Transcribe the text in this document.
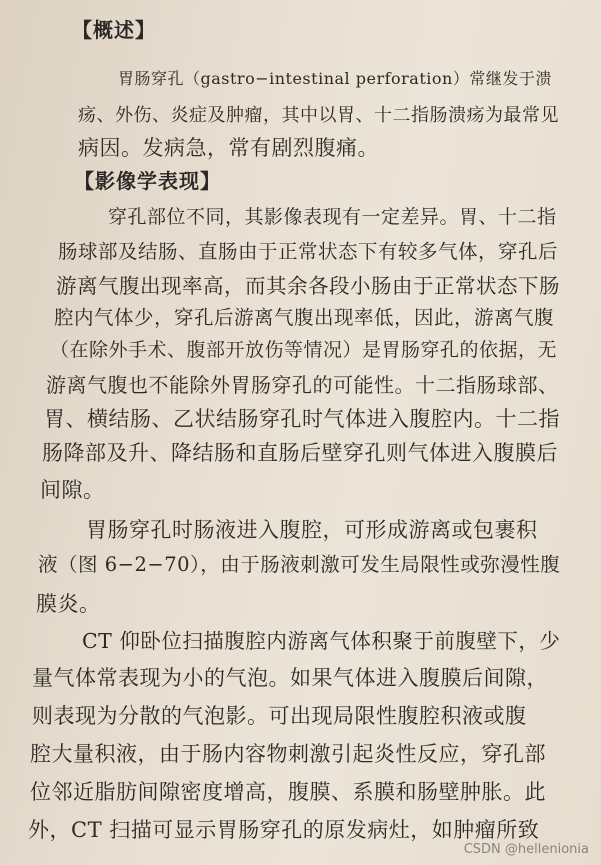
【概述】
胃肠穿孔（gastro−intestinal perforation）常继发于溃
疡、外伤、炎症及肿瘤，其中以胃、十二指肠溃疡为最常见
病因。发病急，常有剧烈腹痛。
【影像学表现】
穿孔部位不同，其影像表现有一定差异。胃、十二指
肠球部及结肠、直肠由于正常状态下有较多气体，穿孔后
游离气腹出现率高，而其余各段小肠由于正常状态下肠
腔内气体少，穿孔后游离气腹出现率低，因此，游离气腹
（在除外手术、腹部开放伤等情况）是胃肠穿孔的依据，无
游离气腹也不能除外胃肠穿孔的可能性。十二指肠球部、
胃、横结肠、乙状结肠穿孔时气体进入腹腔内。十二指
肠降部及升、降结肠和直肠后壁穿孔则气体进入腹膜后
间隙。
胃肠穿孔时肠液进入腹腔，可形成游离或包裹积
液（图 6−2−70），由于肠液刺激可发生局限性或弥漫性腹
膜炎。
CT 仰卧位扫描腹腔内游离气体积聚于前腹壁下，少
量气体常表现为小的气泡。如果气体进入腹膜后间隙，
则表现为分散的气泡影。可出现局限性腹腔积液或腹
腔大量积液，由于肠内容物刺激引起炎性反应，穿孔部
位邻近脂肪间隙密度增高，腹膜、系膜和肠壁肿胀。此
外，CT 扫描可显示胃肠穿孔的原发病灶，如肿瘤所致
CSDN @hellenionia
